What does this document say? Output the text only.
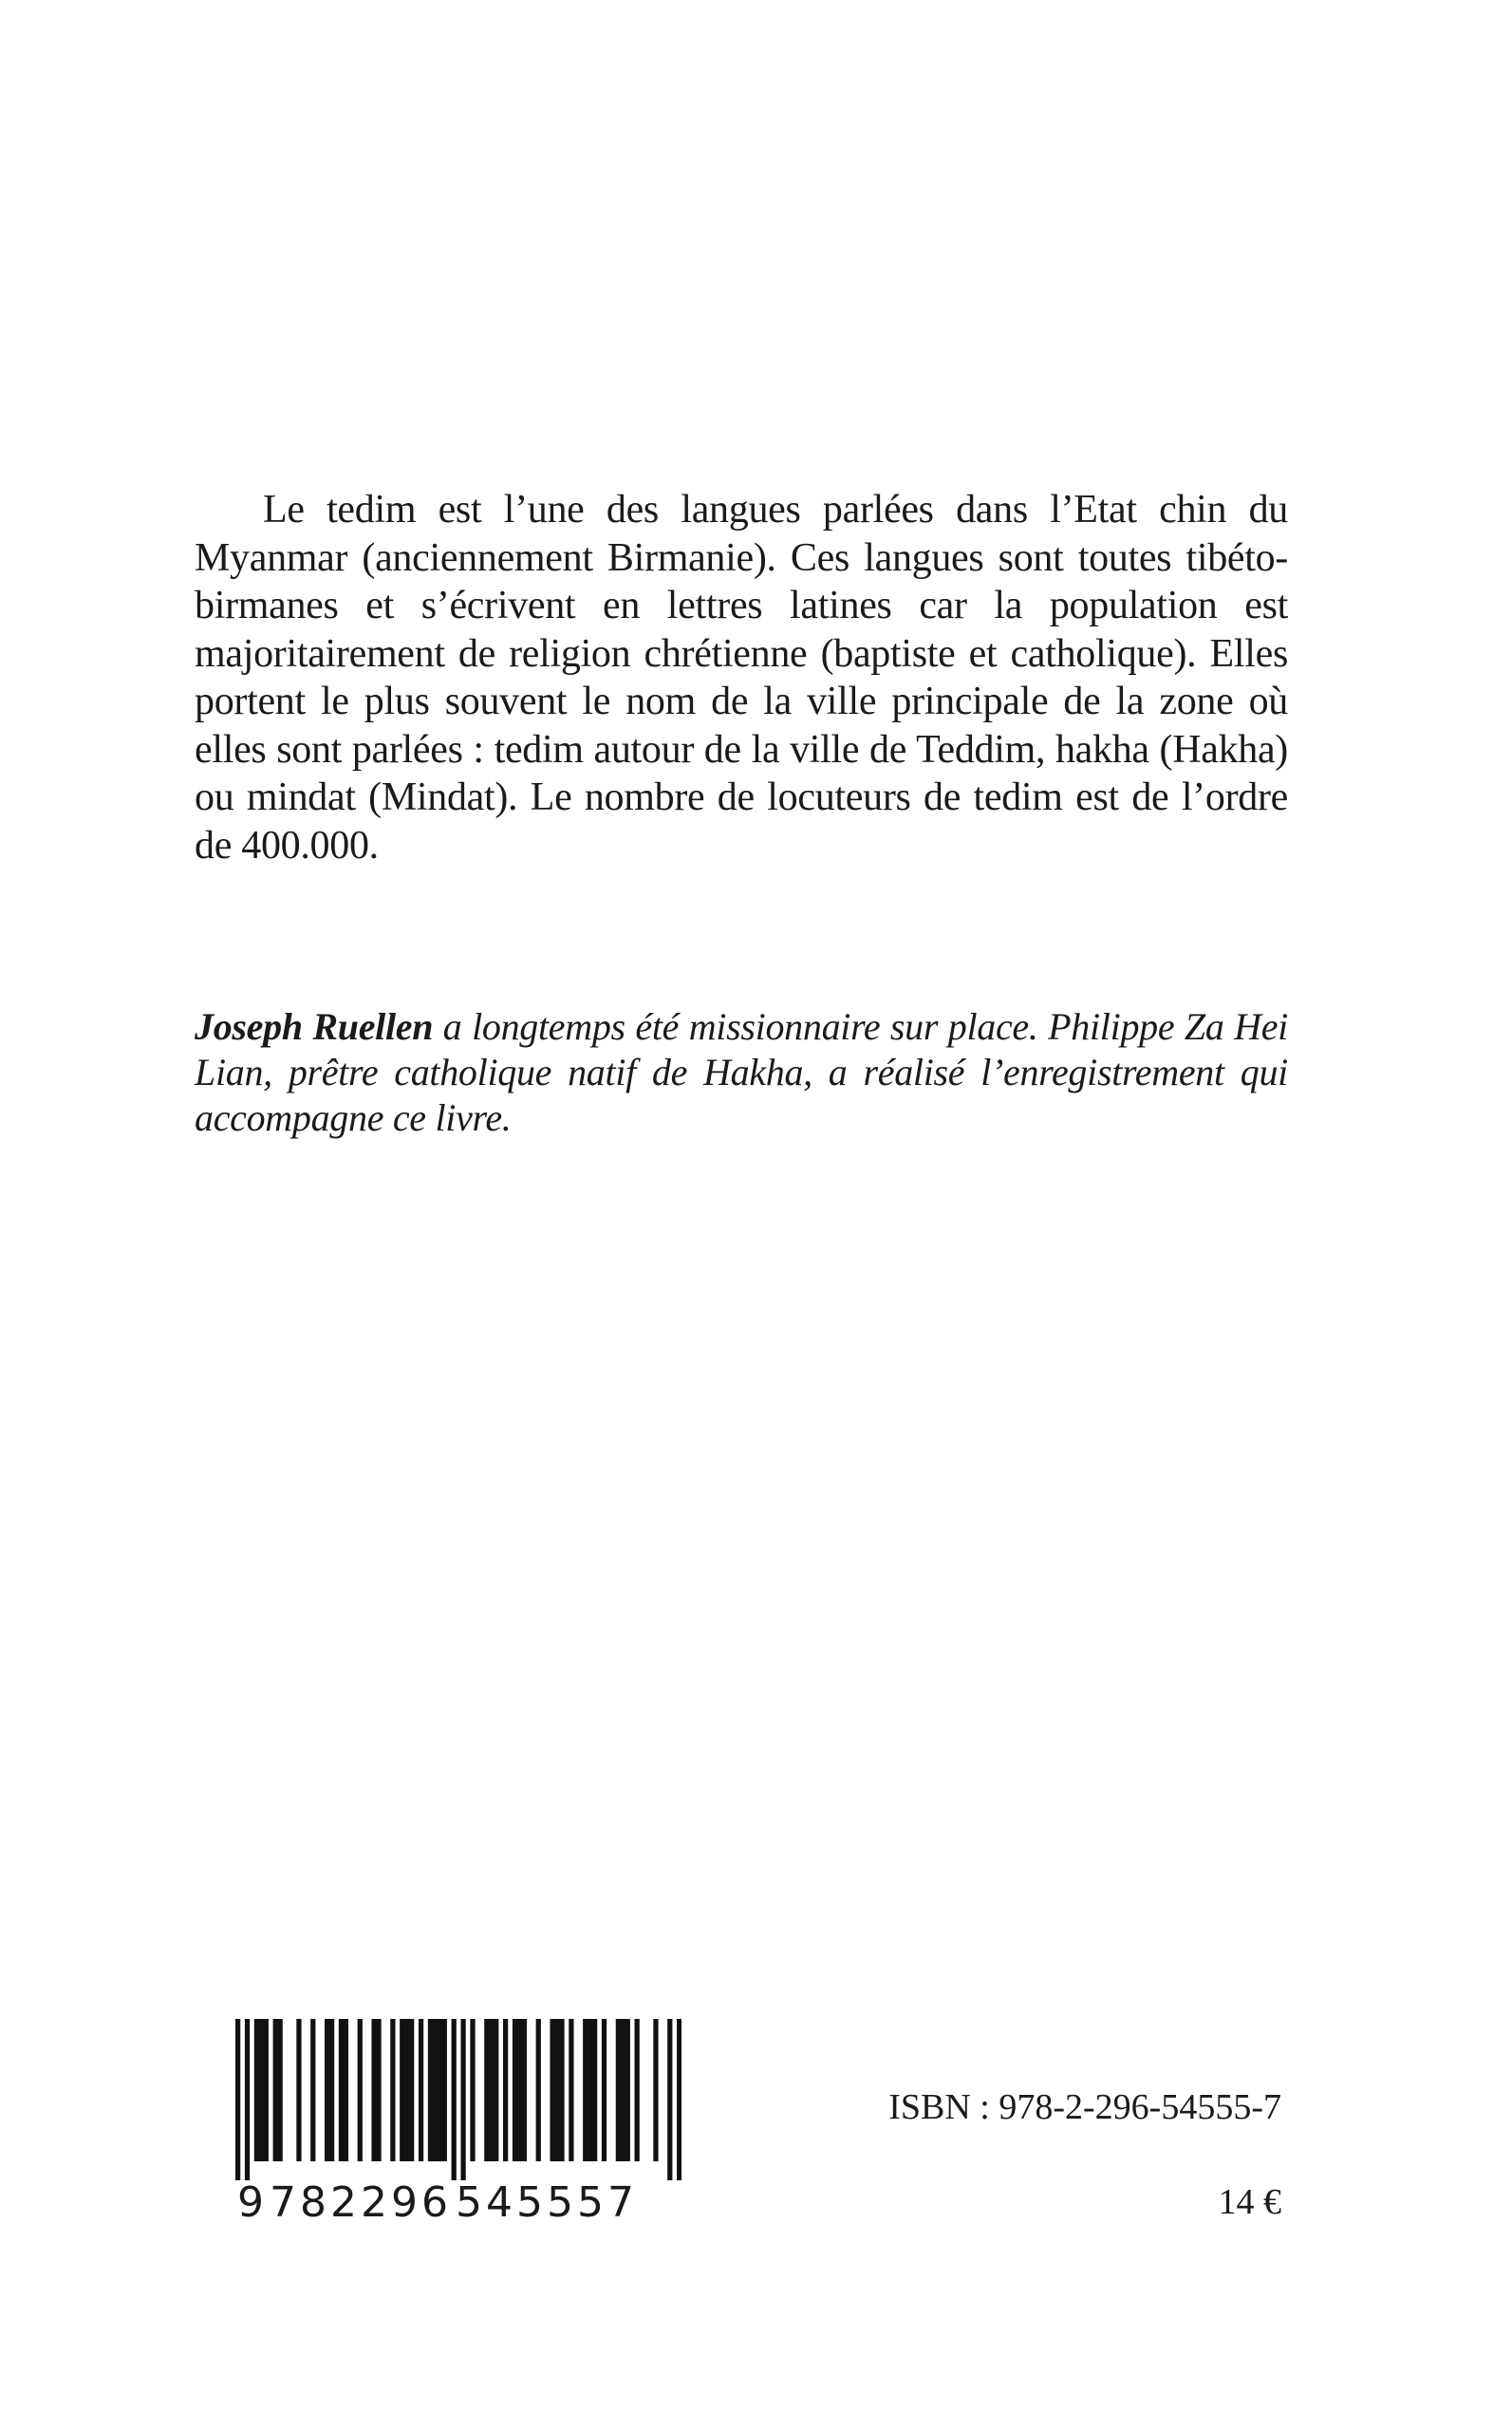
Le tedim est l’une des langues parlées dans l’Etat chin du Myanmar (anciennement Birmanie). Ces langues sont toutes tibéto-birmanes et s’écrivent en lettres latines car la population est majoritairement de religion chrétienne (baptiste et catholique). Elles portent le plus souvent le nom de la ville principale de la zone où elles sont parlées : tedim autour de la ville de Teddim, hakha (Hakha) ou mindat (Mindat). Le nombre de locuteurs de tedim est de l’ordre de 400.000.

Joseph Ruellen a longtemps été missionnaire sur place. Philippe Za Hei Lian, prêtre catholique natif de Hakha, a réalisé l’enregistrement qui accompagne ce livre.

9 782296 545557
ISBN : 978-2-296-54555-7
14 €
